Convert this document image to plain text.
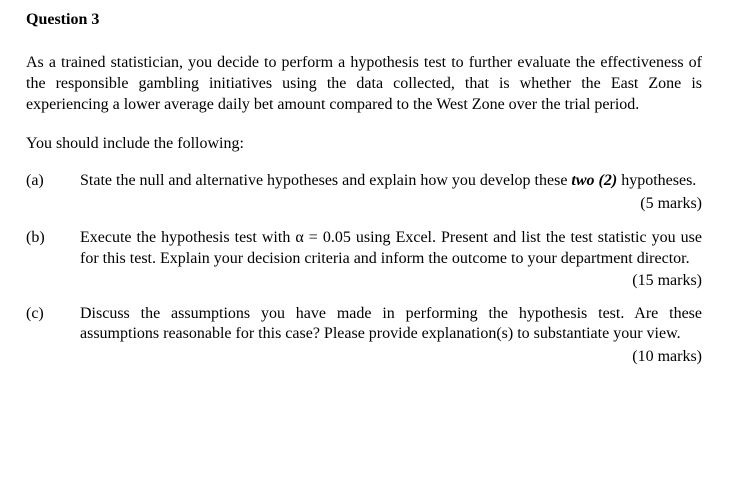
Question 3
As a trained statistician, you decide to perform a hypothesis test to further evaluate the effectiveness of the responsible gambling initiatives using the data collected, that is whether the East Zone is experiencing a lower average daily bet amount compared to the West Zone over the trial period.
You should include the following:
(a) State the null and alternative hypotheses and explain how you develop these two (2) hypotheses.
(5 marks)
(b) Execute the hypothesis test with α = 0.05 using Excel. Present and list the test statistic you use for this test. Explain your decision criteria and inform the outcome to your department director.
(15 marks)
(c) Discuss the assumptions you have made in performing the hypothesis test. Are these assumptions reasonable for this case? Please provide explanation(s) to substantiate your view.
(10 marks)
